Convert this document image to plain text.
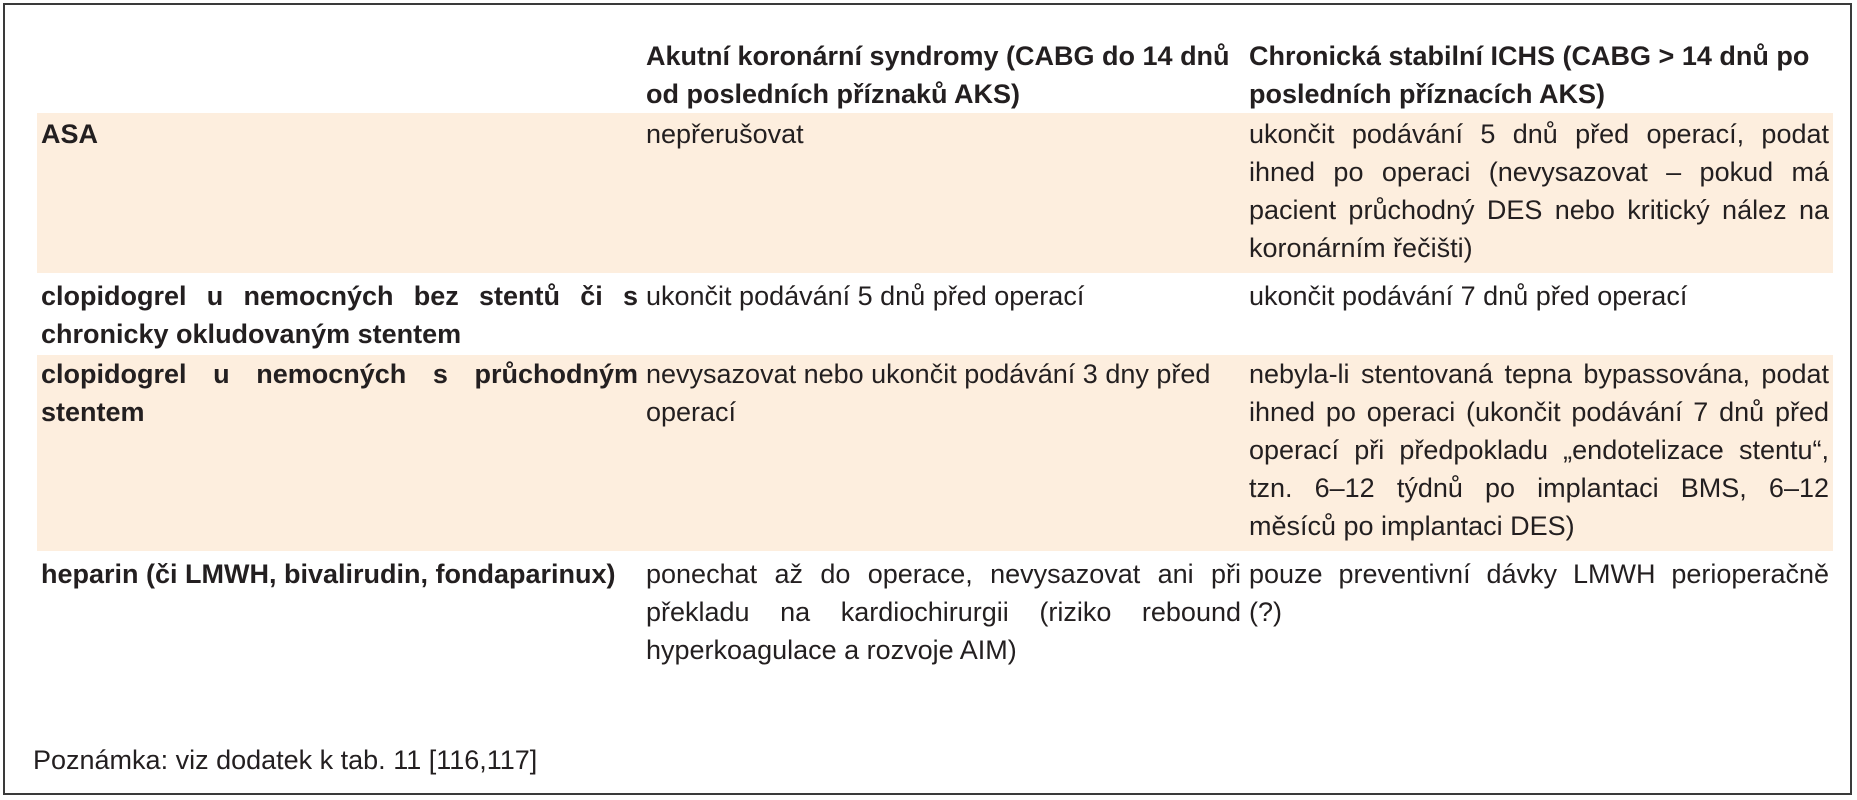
	Akutní koronární syndromy (CABG do 14 dnů od posledních příznaků AKS)	Chronická stabilní ICHS (CABG > 14 dnů po posledních příznacích AKS)
ASA	nepřerušovat	ukončit podávání 5 dnů před operací, podat ihned po operaci (nevysazovat – pokud má pacient průchodný DES nebo kritický nález na koronárním řečišti)
clopidogrel u nemocných bez stentů či s chronicky okludovaným stentem	ukončit podávání 5 dnů před operací	ukončit podávání 7 dnů před operací
clopidogrel u nemocných s průchodným stentem	nevysazovat nebo ukončit podávání 3 dny před operací	nebyla-li stentovaná tepna bypassována, podat ihned po operaci (ukončit podávání 7 dnů před operací při předpokladu „endotelizace stentu“, tzn. 6–12 týdnů po implantaci BMS, 6–12 měsíců po implantaci DES)
heparin (či LMWH, bivalirudin, fondaparinux)	ponechat až do operace, nevysazovat ani při překladu na kardiochirurgii (riziko rebound hyperkoagulace a rozvoje AIM)	pouze preventivní dávky LMWH perioperačně (?)
Poznámka: viz dodatek k tab. 11 [116,117]
